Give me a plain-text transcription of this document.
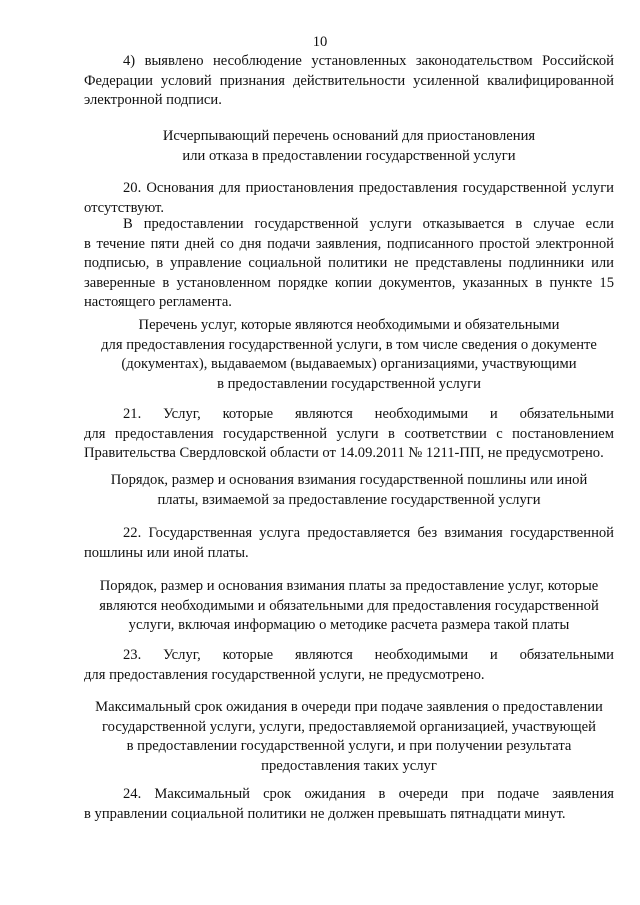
10
4) выявлено несоблюдение установленных законодательством Российской
Федерации условий признания действительности усиленной квалифицированной
электронной подписи.
Исчерпывающий перечень оснований для приостановления
или отказа в предоставлении государственной услуги
20. Основания для приостановления предоставления государственной услуги
отсутствуют.
В предоставлении государственной услуги отказывается в случае если
в течение пяти дней со дня подачи заявления, подписанного простой электронной
подписью, в управление социальной политики не представлены подлинники или
заверенные в установленном порядке копии документов, указанных в пункте 15
настоящего регламента.
Перечень услуг, которые являются необходимыми и обязательными
для предоставления государственной услуги, в том числе сведения о документе
(документах), выдаваемом (выдаваемых) организациями, участвующими
в предоставлении государственной услуги
21. Услуг, которые являются необходимыми и обязательными
для предоставления государственной услуги в соответствии с постановлением
Правительства Свердловской области от 14.09.2011 № 1211-ПП, не предусмотрено.
Порядок, размер и основания взимания государственной пошлины или иной
платы, взимаемой за предоставление государственной услуги
22. Государственная услуга предоставляется без взимания государственной
пошлины или иной платы.
Порядок, размер и основания взимания платы за предоставление услуг, которые
являются необходимыми и обязательными для предоставления государственной
услуги, включая информацию о методике расчета размера такой платы
23. Услуг, которые являются необходимыми и обязательными
для предоставления государственной услуги, не предусмотрено.
Максимальный срок ожидания в очереди при подаче заявления о предоставлении
государственной услуги, услуги, предоставляемой организацией, участвующей
в предоставлении государственной услуги, и при получении результата
предоставления таких услуг
24. Максимальный срок ожидания в очереди при подаче заявления
в управлении социальной политики не должен превышать пятнадцати минут.
